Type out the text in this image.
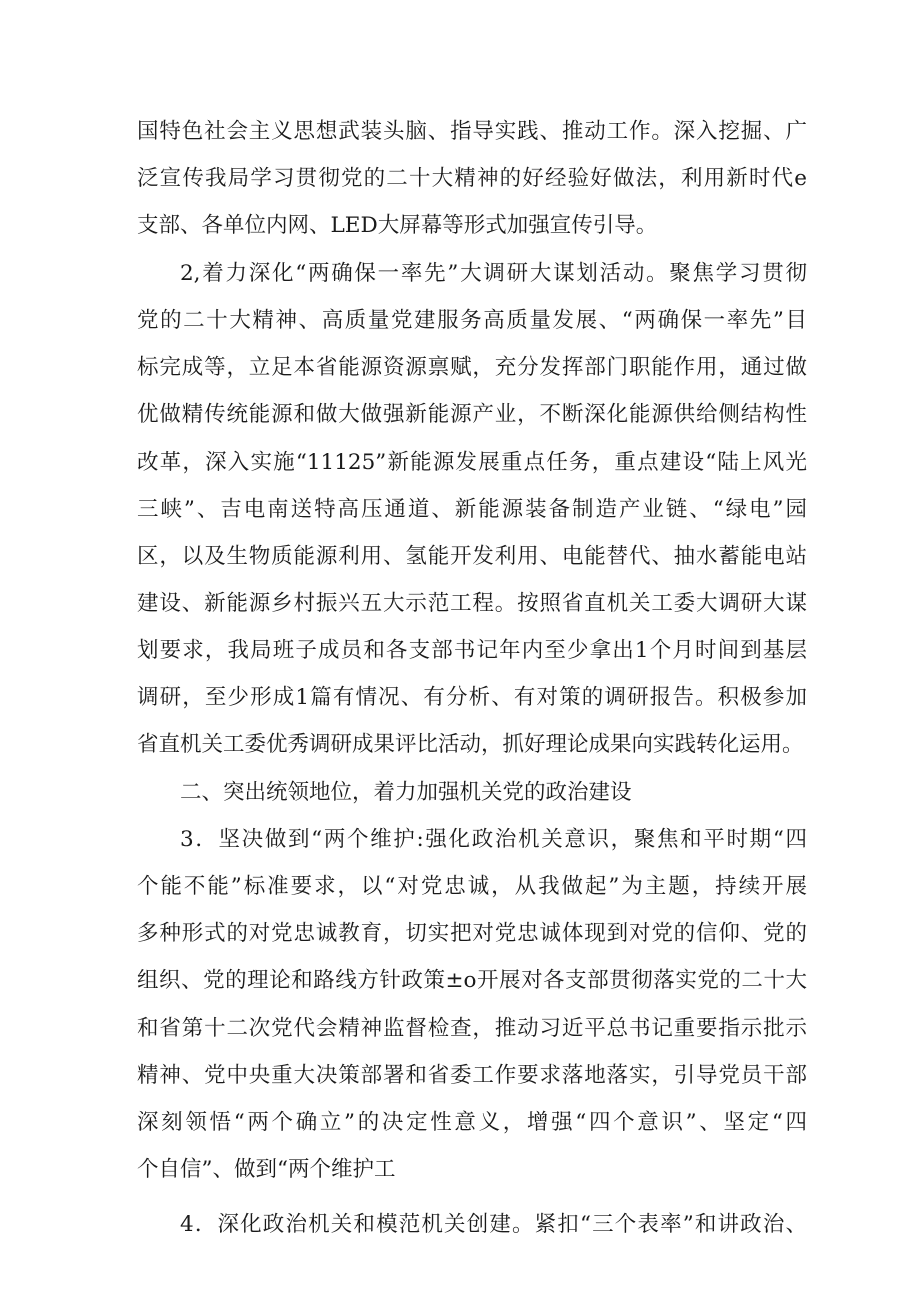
国特色社会主义思想武装头脑、指导实践、推动工作。深入挖掘、广
泛宣传我局学习贯彻党的二十大精神的好经验好做法，利用新时代e
支部、各单位内网、LED大屏幕等形式加强宣传引导。
2,着力深化“两确保一率先”大调研大谋划活动。聚焦学习贯彻
党的二十大精神、高质量党建服务高质量发展、“两确保一率先”目
标完成等，立足本省能源资源禀赋，充分发挥部门职能作用，通过做
优做精传统能源和做大做强新能源产业，不断深化能源供给侧结构性
改革，深入实施“11125”新能源发展重点任务，重点建设“陆上风光
三峡”、吉电南送特高压通道、新能源装备制造产业链、“绿电”园
区，以及生物质能源利用、氢能开发利用、电能替代、抽水蓄能电站
建设、新能源乡村振兴五大示范工程。按照省直机关工委大调研大谋
划要求，我局班子成员和各支部书记年内至少拿出1个月时间到基层
调研，至少形成1篇有情况、有分析、有对策的调研报告。积极参加
省直机关工委优秀调研成果评比活动，抓好理论成果向实践转化运用。
二、突出统领地位，着力加强机关党的政治建设
3．坚决做到“两个维护:强化政治机关意识，聚焦和平时期“四
个能不能”标准要求，以“对党忠诚，从我做起”为主题，持续开展
多种形式的对党忠诚教育，切实把对党忠诚体现到对党的信仰、党的
组织、党的理论和路线方针政策±o开展对各支部贯彻落实党的二十大
和省第十二次党代会精神监督检查，推动习近平总书记重要指示批示
精神、党中央重大决策部署和省委工作要求落地落实，引导党员干部
深刻领悟“两个确立”的决定性意义，增强“四个意识”、坚定“四
个自信”、做到“两个维护工
4．深化政治机关和模范机关创建。紧扣“三个表率”和讲政治、
